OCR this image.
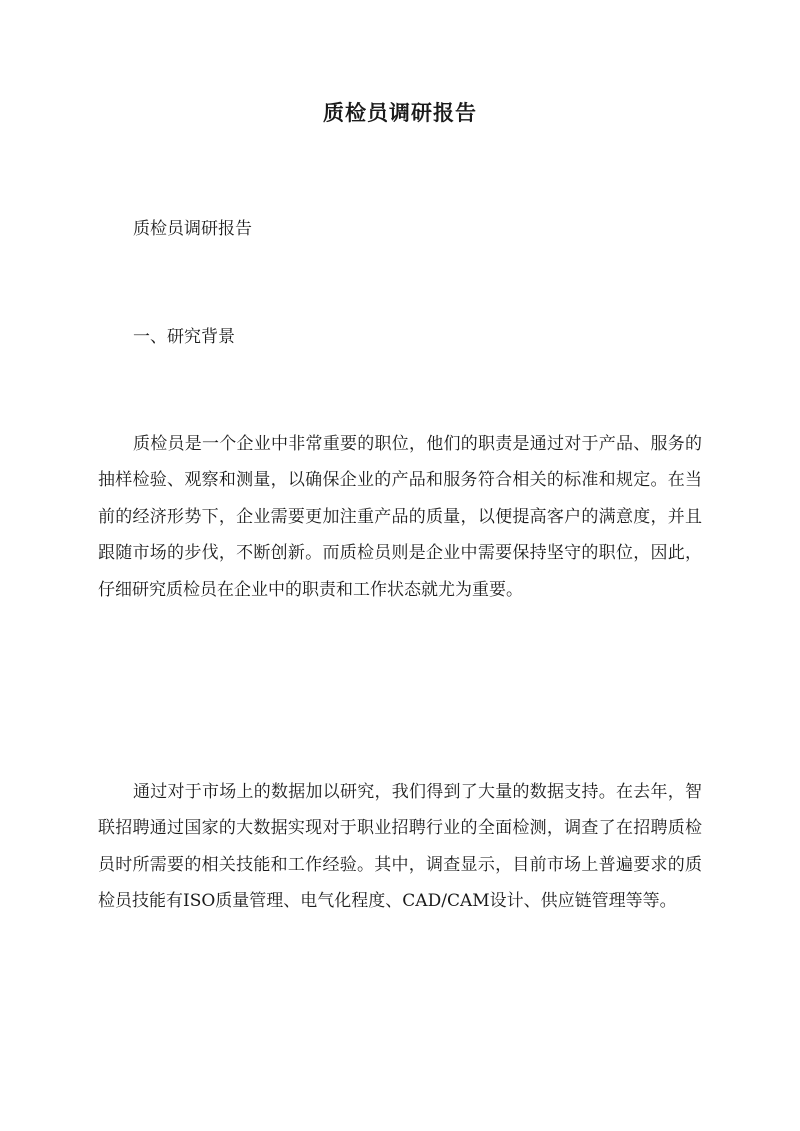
质检员调研报告

质检员调研报告

一、研究背景

质检员是一个企业中非常重要的职位，他们的职责是通过对于产品、服务的抽样检验、观察和测量，以确保企业的产品和服务符合相关的标准和规定。在当前的经济形势下，企业需要更加注重产品的质量，以便提高客户的满意度，并且跟随市场的步伐，不断创新。而质检员则是企业中需要保持坚守的职位，因此，仔细研究质检员在企业中的职责和工作状态就尤为重要。

通过对于市场上的数据加以研究，我们得到了大量的数据支持。在去年，智联招聘通过国家的大数据实现对于职业招聘行业的全面检测，调查了在招聘质检员时所需要的相关技能和工作经验。其中，调查显示，目前市场上普遍要求的质检员技能有ISO质量管理、电气化程度、CAD/CAM设计、供应链管理等等。
